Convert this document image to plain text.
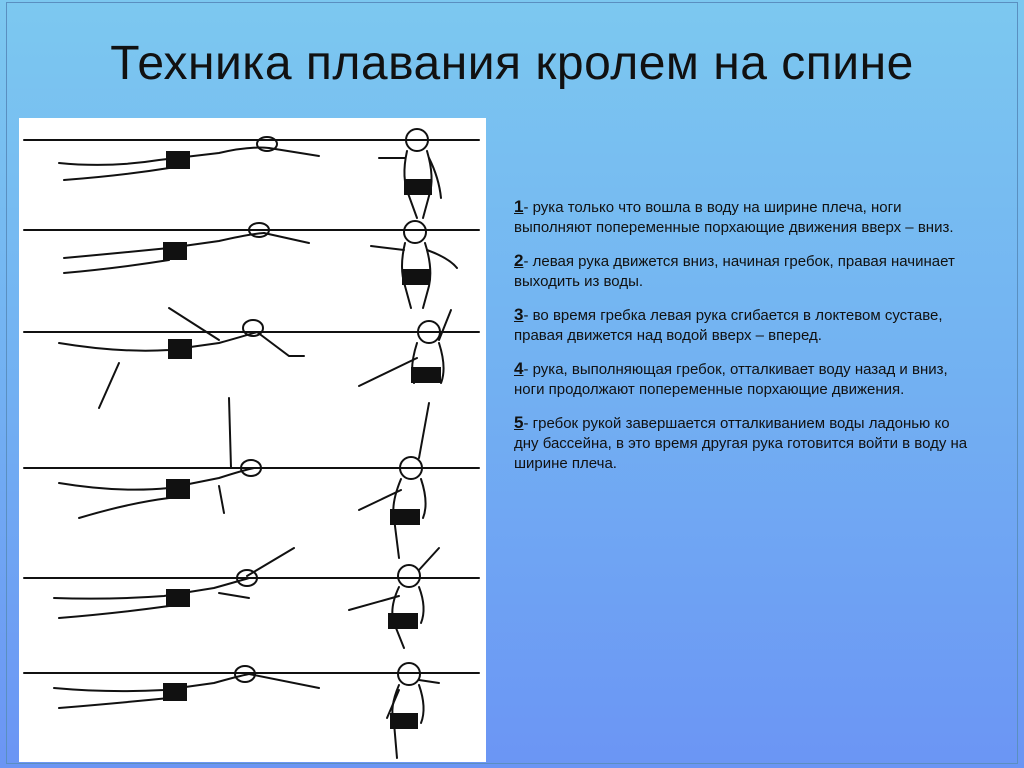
Техника плавания кролем на спине

1- рука только что вошла в воду на ширине плеча, ноги выполняют попеременные порхающие движения вверх – вниз.

2- левая рука движется вниз, начиная гребок, правая начинает выходить из воды.

3- во время гребка левая рука сгибается в локтевом суставе, правая движется над водой вверх – вперед.

4- рука, выполняющая гребок, отталкивает воду назад и вниз, ноги продолжают попеременные порхающие движения.

5- гребок рукой завершается отталкиванием воды ладонью ко дну бассейна, в это время другая рука готовится войти в воду на ширине плеча.
